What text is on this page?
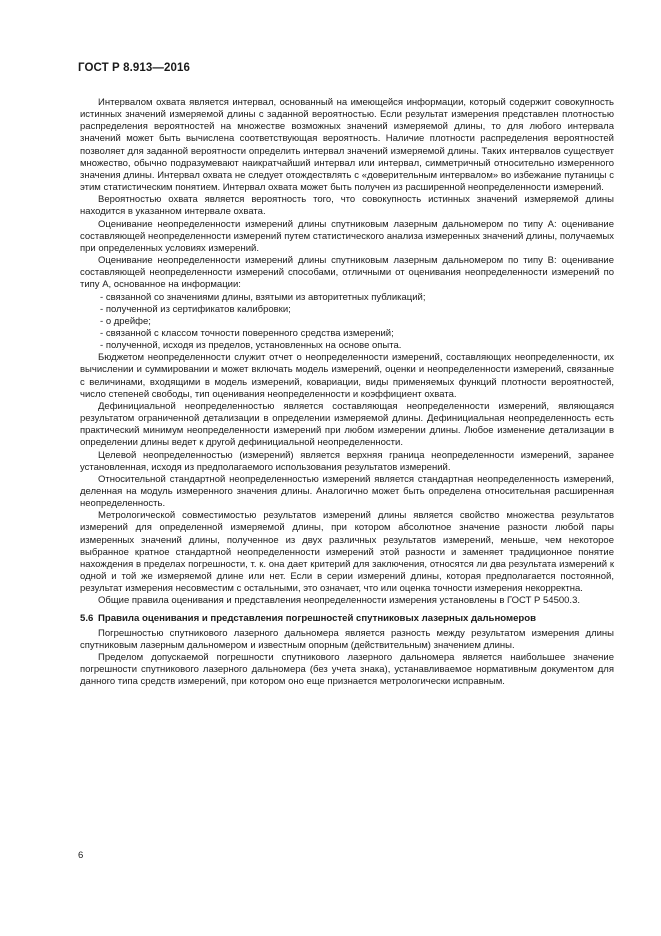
ГОСТ Р 8.913—2016

Интервалом охвата является интервал, основанный на имеющейся информации, который содержит совокупность истинных значений измеряемой длины с заданной вероятностью. Если результат измерения представлен плотностью распределения вероятностей на множестве возможных значений измеряемой длины, то для любого интервала значений может быть вычислена соответствующая вероятность. Наличие плотности распределения вероятностей позволяет для заданной вероятности определить интервал значений измеряемой длины. Таких интервалов существует множество, обычно подразумевают наикратчайший интервал или интервал, симметричный относительно измеренного значения длины. Интервал охвата не следует отождествлять с «доверительным интервалом» во избежание путаницы с этим статистическим понятием. Интервал охвата может быть получен из расширенной неопределенности измерений.

Вероятностью охвата является вероятность того, что совокупность истинных значений измеряемой длины находится в указанном интервале охвата.

Оценивание неопределенности измерений длины спутниковым лазерным дальномером по типу А: оценивание составляющей неопределенности измерений путем статистического анализа измеренных значений длины, получаемых при определенных условиях измерений.

Оценивание неопределенности измерений длины спутниковым лазерным дальномером по типу В: оценивание составляющей неопределенности измерений способами, отличными от оценивания неопределенности измерений по типу А, основанное на информации:

- связанной со значениями длины, взятыми из авторитетных публикаций;
- полученной из сертификатов калибровки;
- о дрейфе;
- связанной с классом точности поверенного средства измерений;
- полученной, исходя из пределов, установленных на основе опыта.

Бюджетом неопределенности служит отчет о неопределенности измерений, составляющих неопределенности, их вычислении и суммировании и может включать модель измерений, оценки и неопределенности измерений, связанные с величинами, входящими в модель измерений, ковариации, виды применяемых функций плотности вероятностей, число степеней свободы, тип оценивания неопределенности и коэффициент охвата.

Дефинициальной неопределенностью является составляющая неопределенности измерений, являющаяся результатом ограниченной детализации в определении измеряемой длины. Дефинициальная неопределенность есть практический минимум неопределенности измерений при любом измерении длины. Любое изменение детализации в определении длины ведет к другой дефинициальной неопределенности.

Целевой неопределенностью (измерений) является верхняя граница неопределенности измерений, заранее установленная, исходя из предполагаемого использования результатов измерений.

Относительной стандартной неопределенностью измерений является стандартная неопределенность измерений, деленная на модуль измеренного значения длины. Аналогично может быть определена относительная расширенная неопределенность.

Метрологической совместимостью результатов измерений длины является свойство множества результатов измерений для определенной измеряемой длины, при котором абсолютное значение разности любой пары измеренных значений длины, полученное из двух различных результатов измерений, меньше, чем некоторое выбранное кратное стандартной неопределенности измерений этой разности и заменяет традиционное понятие нахождения в пределах погрешности, т. к. она дает критерий для заключения, относятся ли два результата измерений к одной и той же измеряемой длине или нет. Если в серии измерений длины, которая предполагается постоянной, результат измерения несовместим с остальными, это означает, что или оценка точности измерения некорректна.

Общие правила оценивания и представления неопределенности измерения установлены в ГОСТ Р 54500.3.

5.6 Правила оценивания и представления погрешностей спутниковых лазерных дальномеров

Погрешностью спутникового лазерного дальномера является разность между результатом измерения длины спутниковым лазерным дальномером и известным опорным (действительным) значением длины.

Пределом допускаемой погрешности спутникового лазерного дальномера является наибольшее значение погрешности спутникового лазерного дальномера (без учета знака), устанавливаемое нормативным документом для данного типа средств измерений, при котором оно еще признается метрологически исправным.

6
